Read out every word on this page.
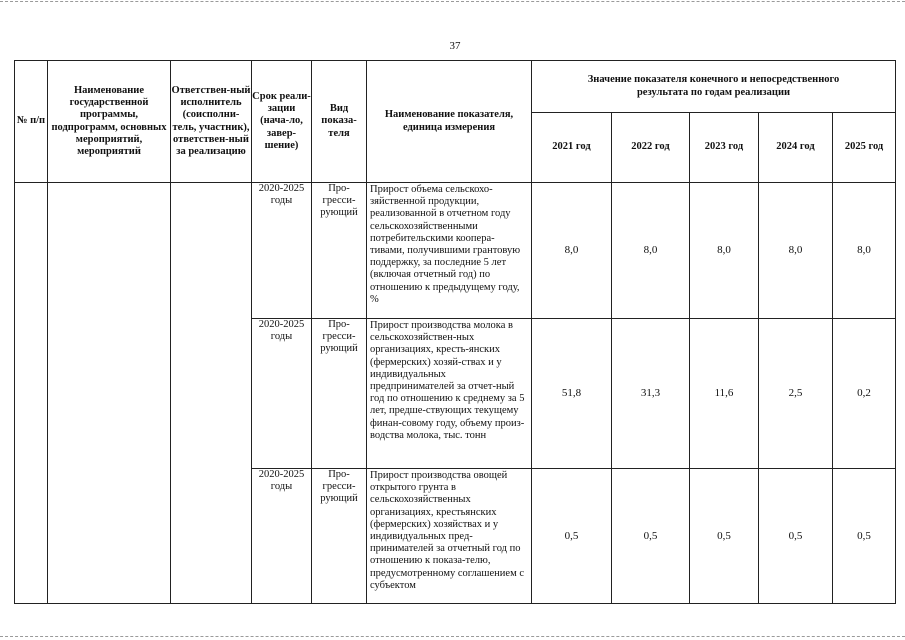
37
№ п/п	Наименование государственной программы, подпрограмм, основных мероприятий, мероприятий	Ответствен-ный исполнитель (соисполни-тель, участник), ответствен-ный за реализацию	Срок реали-зации (нача-ло, завер-шение)	Вид показа-теля	Наименование показателя, единица измерения	Значение показателя конечного и непосредственного результата по годам реализации				
						2021 год	2022 год	2023 год	2024 год	2025 год
			2020-2025 годы	Про-гресси-рующий	Прирост объема сельскохо-зяйственной продукции, реализованной в отчетном году сельскохозяйственными потребительскими коопера-тивами, получившими грантовую поддержку, за последние 5 лет (включая отчетный год) по отношению к предыдущему году, %	8,0	8,0	8,0	8,0	8,0
			2020-2025 годы	Про-гресси-рующий	Прирост производства молока в сельскохозяйствен-ных организациях, кресть-янских (фермерских) хозяй-ствах и у индивидуальных предпринимателей за отчет-ный год по отношению к среднему за 5 лет, предше-ствующих текущему финан-совому году, объему произ-водства молока, тыс. тонн	51,8	31,3	11,6	2,5	0,2
			2020-2025 годы	Про-гресси-рующий	Прирост производства овощей открытого грунта в сельскохозяйственных организациях, крестьянских (фермерских) хозяйствах и у индивидуальных пред-принимателей за отчетный год по отношению к показа-телю, предусмотренному соглашением с субъектом	0,5	0,5	0,5	0,5	0,5
